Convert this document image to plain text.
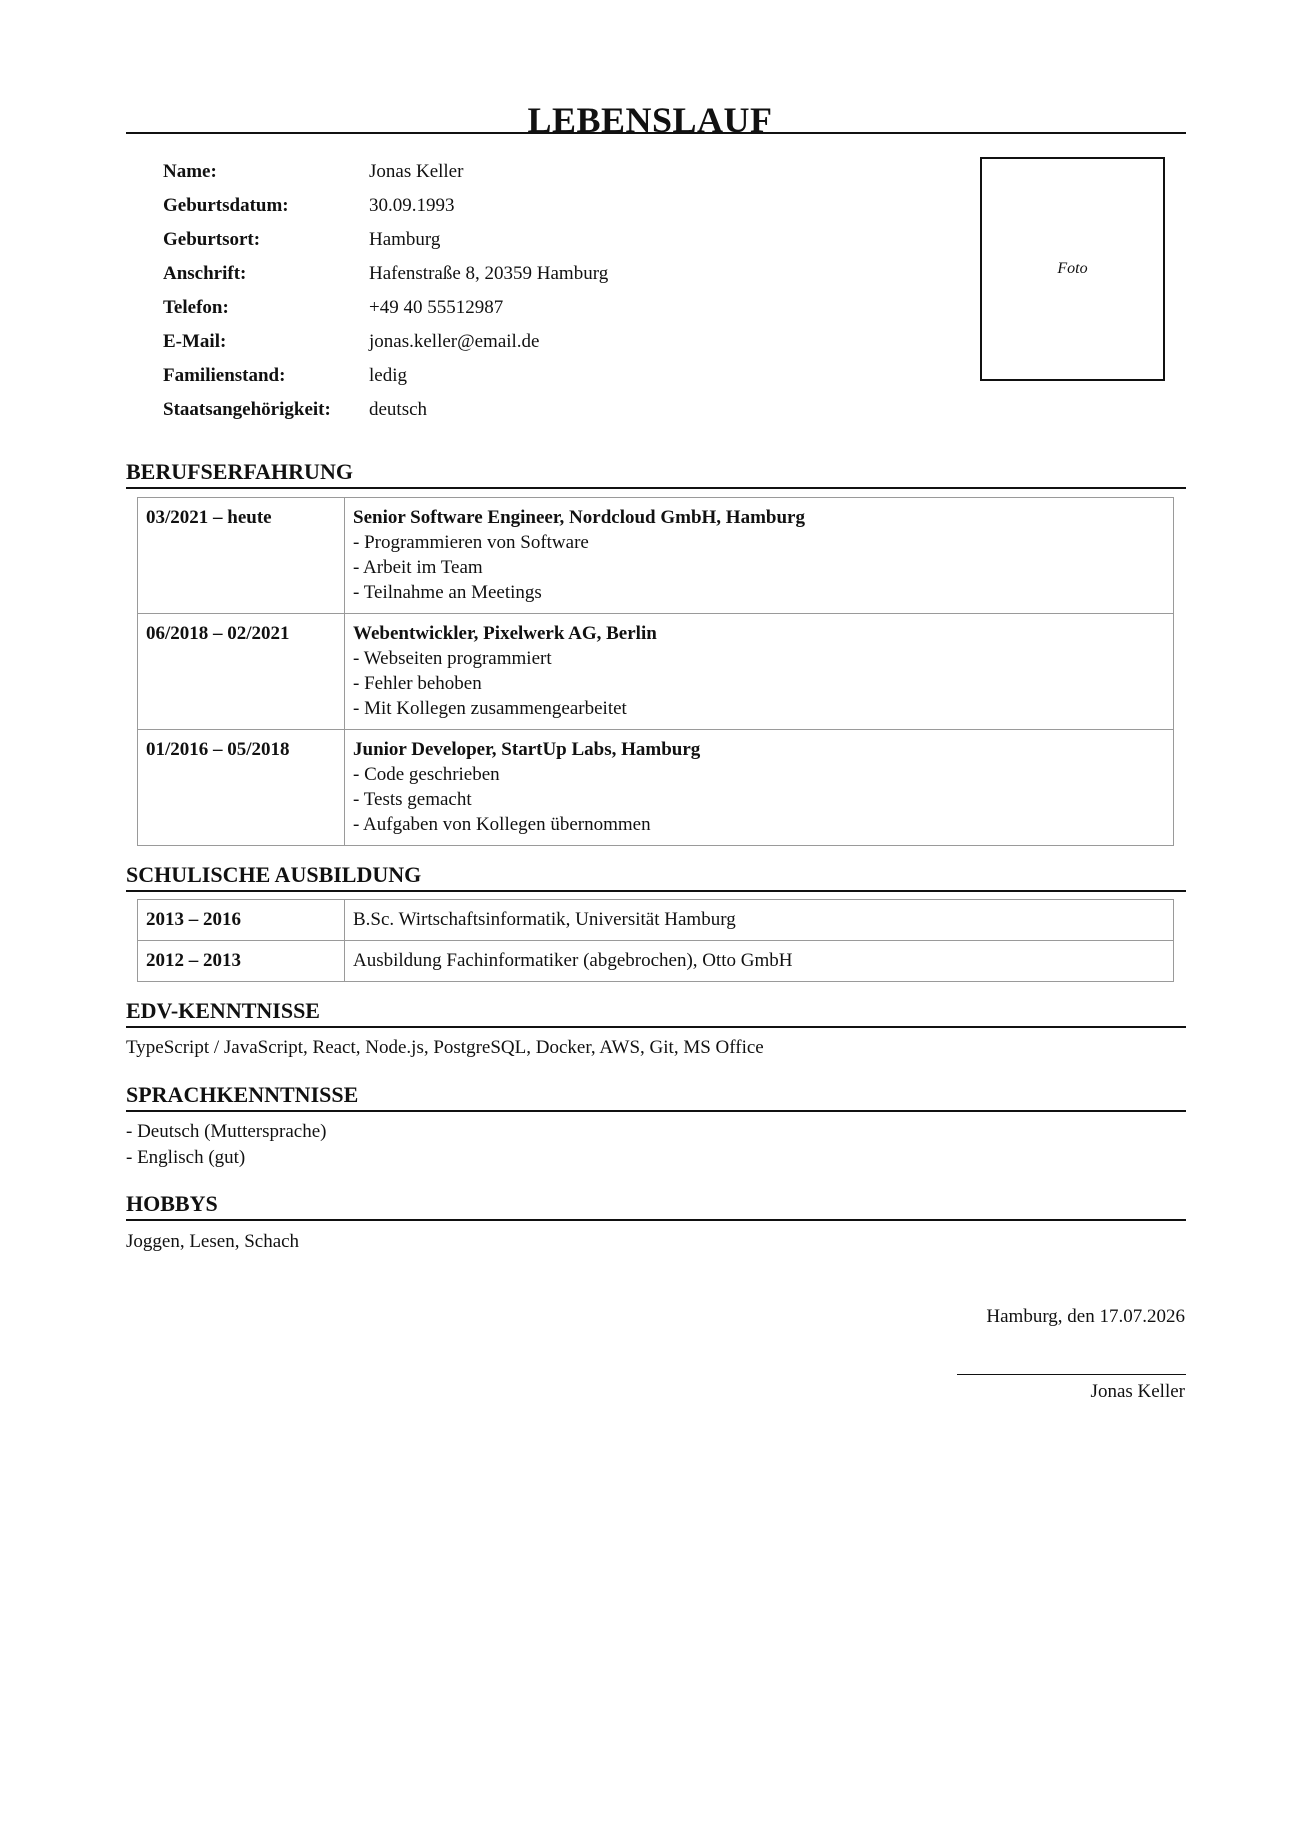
LEBENSLAUF
Name:	Jonas Keller
Geburtsdatum:	30.09.1993
Geburtsort:	Hamburg
Anschrift:	Hafenstraße 8, 20359 Hamburg
Telefon:	+49 40 55512987
E-Mail:	jonas.keller@email.de
Familienstand:	ledig
Staatsangehörigkeit:	deutsch
Foto
BERUFSERFAHRUNG
03/2021 – heute	Senior Software Engineer, Nordcloud GmbH, Hamburg
- Programmieren von Software
- Arbeit im Team
- Teilnahme an Meetings

06/2018 – 02/2021	Webentwickler, Pixelwerk AG, Berlin
- Webseiten programmiert
- Fehler behoben
- Mit Kollegen zusammengearbeitet

01/2016 – 05/2018	Junior Developer, StartUp Labs, Hamburg
- Code geschrieben
- Tests gemacht
- Aufgaben von Kollegen übernommen
SCHULISCHE AUSBILDUNG
2013 – 2016	B.Sc. Wirtschaftsinformatik, Universität Hamburg
2012 – 2013	Ausbildung Fachinformatiker (abgebrochen), Otto GmbH
EDV-KENNTNISSE
TypeScript / JavaScript, React, Node.js, PostgreSQL, Docker, AWS, Git, MS Office
SPRACHKENNTNISSE
- Deutsch (Muttersprache)
- Englisch (gut)
HOBBYS
Joggen, Lesen, Schach
Hamburg, den 17.07.2026
Jonas Keller
